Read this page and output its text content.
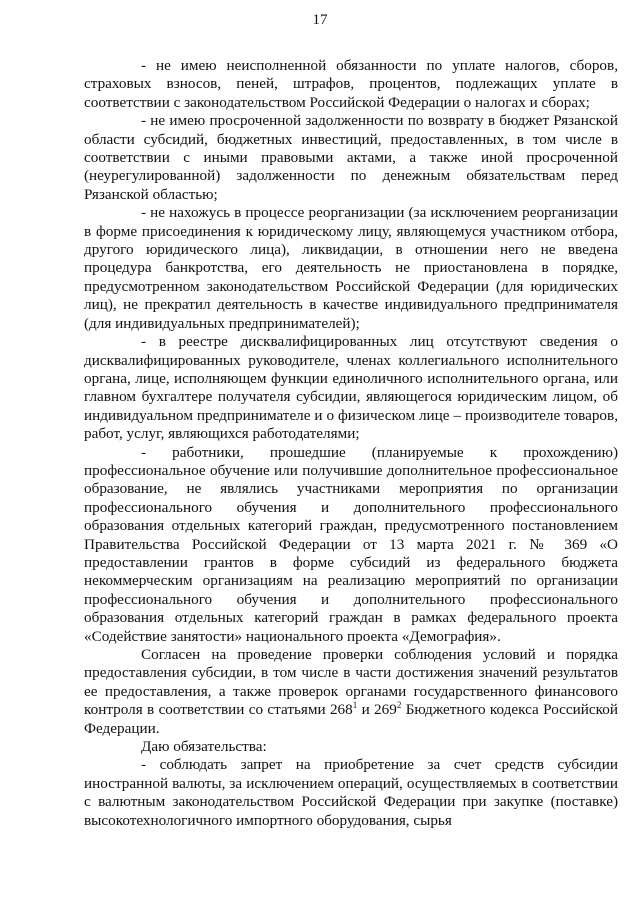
17

- не имею неисполненной обязанности по уплате налогов, сборов, страховых взносов, пеней, штрафов, процентов, подлежащих уплате в соответствии с законодательством Российской Федерации о налогах и сборах;

- не имею просроченной задолженности по возврату в бюджет Рязанской области субсидий, бюджетных инвестиций, предоставленных, в том числе в соответствии с иными правовыми актами, а также иной просроченной (неурегулированной) задолженности по денежным обязательствам перед Рязанской областью;

- не нахожусь в процессе реорганизации (за исключением реорганизации в форме присоединения к юридическому лицу, являющемуся участником отбора, другого юридического лица), ликвидации, в отношении него не введена процедура банкротства, его деятельность не приостановлена в порядке, предусмотренном законодательством Российской Федерации (для юридических лиц), не прекратил деятельность в качестве индивидуального предпринимателя (для индивидуальных предпринимателей);

- в реестре дисквалифицированных лиц отсутствуют сведения о дисквалифицированных руководителе, членах коллегиального исполнительного органа, лице, исполняющем функции единоличного исполнительного органа, или главном бухгалтере получателя субсидии, являющегося юридическим лицом, об индивидуальном предпринимателе и о физическом лице – производителе товаров, работ, услуг, являющихся работодателями;

- работники, прошедшие (планируемые к прохождению) профессиональное обучение или получившие дополнительное профессиональное образование, не являлись участниками мероприятия по организации профессионального обучения и дополнительного профессионального образования отдельных категорий граждан, предусмотренного постановлением Правительства Российской Федерации от 13 марта 2021 г. № 369 «О предоставлении грантов в форме субсидий из федерального бюджета некоммерческим организациям на реализацию мероприятий по организации профессионального обучения и дополнительного профессионального образования отдельных категорий граждан в рамках федерального проекта «Содействие занятости» национального проекта «Демография».

Согласен на проведение проверки соблюдения условий и порядка предоставления субсидии, в том числе в части достижения значений результатов ее предоставления, а также проверок органами государственного финансового контроля в соответствии со статьями $268^1$ и $269^2$ Бюджетного кодекса Российской Федерации.

Даю обязательства:

- соблюдать запрет на приобретение за счет средств субсидии иностранной валюты, за исключением операций, осуществляемых в соответствии с валютным законодательством Российской Федерации при закупке (поставке) высокотехнологичного импортного оборудования, сырья
